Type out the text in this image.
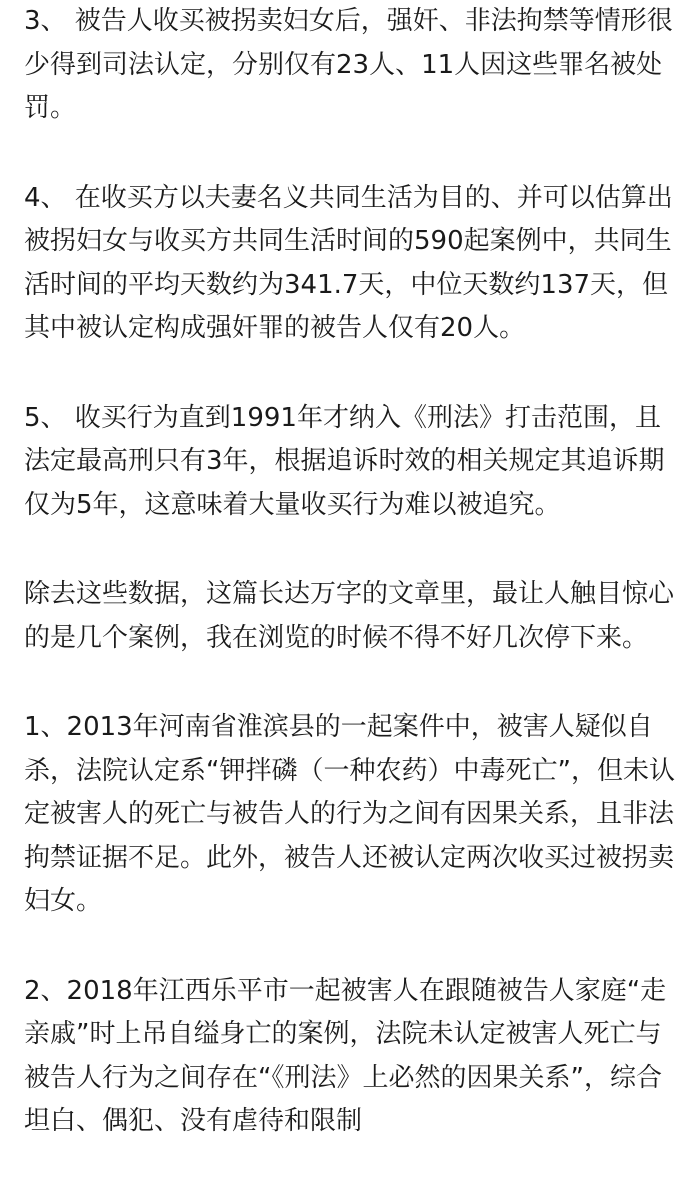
3、 被告人收买被拐卖妇女后，强奸、非法拘禁等情形很少得到司法认定，分别仅有23人、11人因这些罪名被处罚。

4、 在收买方以夫妻名义共同生活为目的、并可以估算出被拐妇女与收买方共同生活时间的590起案例中，共同生活时间的平均天数约为341.7天，中位天数约137天，但其中被认定构成强奸罪的被告人仅有20人。

5、 收买行为直到1991年才纳入《刑法》打击范围，且法定最高刑只有3年，根据追诉时效的相关规定其追诉期仅为5年，这意味着大量收买行为难以被追究。

除去这些数据，这篇长达万字的文章里，最让人触目惊心的是几个案例，我在浏览的时候不得不好几次停下来。

1、2013年河南省淮滨县的一起案件中，被害人疑似自杀，法院认定系“钾拌磷（一种农药）中毒死亡”，但未认定被害人的死亡与被告人的行为之间有因果关系，且非法拘禁证据不足。此外，被告人还被认定两次收买过被拐卖妇女。

2、2018年江西乐平市一起被害人在跟随被告人家庭“走亲戚”时上吊自缢身亡的案例，法院未认定被害人死亡与被告人行为之间存在“《刑法》上必然的因果关系”，综合坦白、偶犯、没有虐待和限制
